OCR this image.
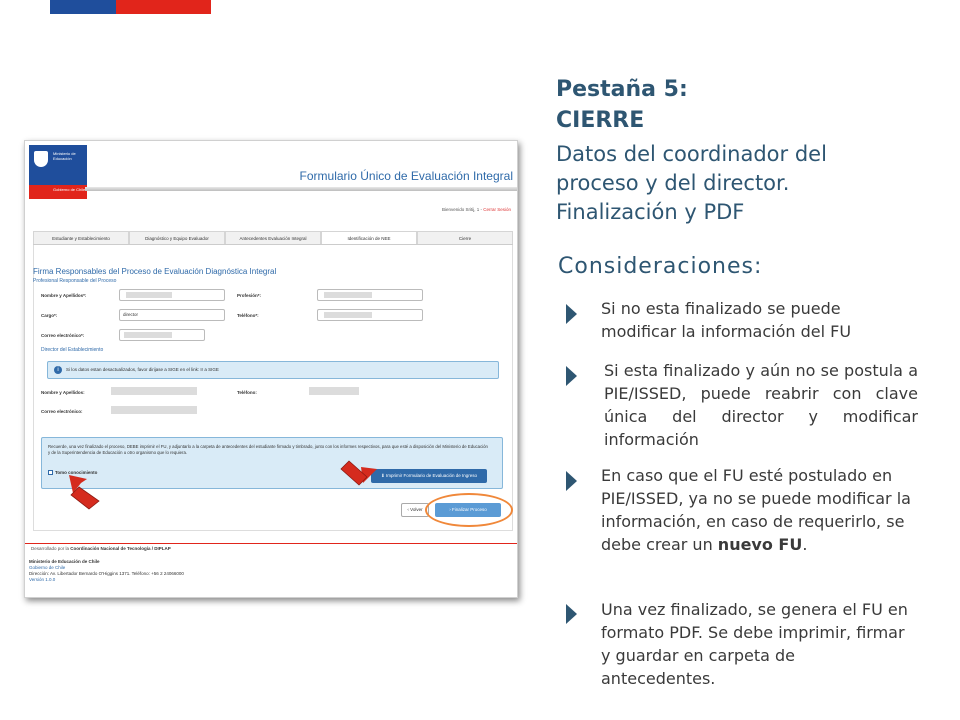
Ministerio de Educación
Gobierno de Chile
Formulario Único de Evaluación Integral
Bienvenido Sritij, 1 - Cerrar Sesión
Estudiante y Establecimiento	Diagnóstico y Equipo Evaluador	Antecedentes Evaluación Integral	Identificación de NEE	Cierre
Firma Responsables del Proceso de Evaluación Diagnóstica Integral
Profesional Responsable del Proceso
Nombre y Apellidos*:	Profesión*:
Cargo*:	director	Teléfono*:
Correo electrónico*:
Director del Establecimiento
i	Si los datos estan desactualizados, favor dirijase a SIGE en el link: Ir a SIGE
Nombre y Apellidos:	Teléfono:
Correo electrónico:
Recuerde, una vez finalizado el proceso, DEBE imprimir el FU, y adjuntarlo a la carpeta de antecedentes del estudiante firmado y timbrado, junto con los informes respectivos, para que esté a disposición del Ministerio de Educación y de la Superintendencia de Educación u otro organismo que lo requiera.
Tomo conocimiento
⬇ Imprimir Formulario de Evaluación de Ingreso
‹ Volver	› Finalizar Proceso
Desarrollado por la Coordinación Nacional de Tecnología / DIPLAP
Ministerio de Educación de Chile
Gobierno de Chile
Dirección: Av. Libertador Bernardo O'Higgins 1371. Teléfono: +56 2 24066000
Versión 1.0.0
Pestaña 5:
CIERRE
Datos del coordinador del proceso y del director. Finalización y PDF
Consideraciones:
Si no esta finalizado se puede modificar la información del FU
Si esta finalizado y aún no se postula a PIE/ISSED, puede reabrir con clave única del director y modificar información
En caso que el FU esté postulado en PIE/ISSED, ya no se puede modificar la información, en caso de requerirlo, se debe crear un nuevo FU.
Una vez finalizado, se genera el FU en formato PDF. Se debe imprimir, firmar y guardar en carpeta de antecedentes.
